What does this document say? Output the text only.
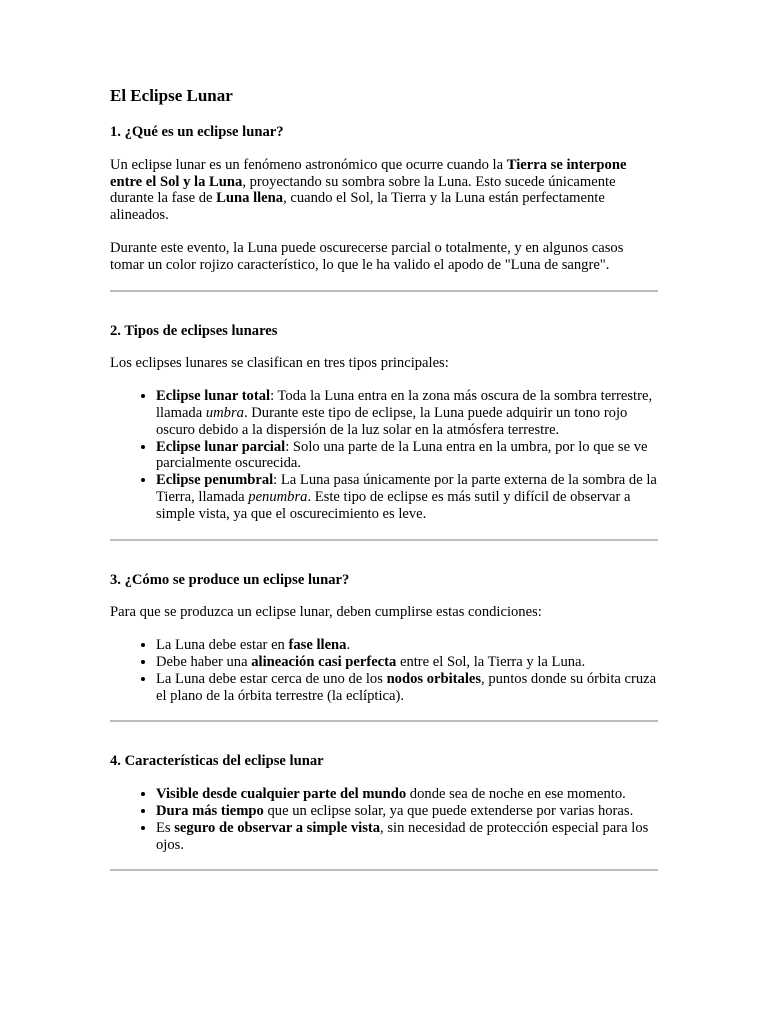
El Eclipse Lunar
1. ¿Qué es un eclipse lunar?

Un eclipse lunar es un fenómeno astronómico que ocurre cuando la Tierra se interpone entre el Sol y la Luna, proyectando su sombra sobre la Luna. Esto sucede únicamente durante la fase de Luna llena, cuando el Sol, la Tierra y la Luna están perfectamente alineados.

Durante este evento, la Luna puede oscurecerse parcial o totalmente, y en algunos casos tomar un color rojizo característico, lo que le ha valido el apodo de "Luna de sangre".

2. Tipos de eclipses lunares

Los eclipses lunares se clasifican en tres tipos principales:

• Eclipse lunar total: Toda la Luna entra en la zona más oscura de la sombra terrestre, llamada umbra. Durante este tipo de eclipse, la Luna puede adquirir un tono rojo oscuro debido a la dispersión de la luz solar en la atmósfera terrestre.
• Eclipse lunar parcial: Solo una parte de la Luna entra en la umbra, por lo que se ve parcialmente oscurecida.
• Eclipse penumbral: La Luna pasa únicamente por la parte externa de la sombra de la Tierra, llamada penumbra. Este tipo de eclipse es más sutil y difícil de observar a simple vista, ya que el oscurecimiento es leve.
3. ¿Cómo se produce un eclipse lunar?

Para que se produzca un eclipse lunar, deben cumplirse estas condiciones:

• La Luna debe estar en fase llena.
• Debe haber una alineación casi perfecta entre el Sol, la Tierra y la Luna.
• La Luna debe estar cerca de uno de los nodos orbitales, puntos donde su órbita cruza el plano de la órbita terrestre (la eclíptica).
4. Características del eclipse lunar
• Visible desde cualquier parte del mundo donde sea de noche en ese momento.
• Dura más tiempo que un eclipse solar, ya que puede extenderse por varias horas.
• Es seguro de observar a simple vista, sin necesidad de protección especial para los ojos.
